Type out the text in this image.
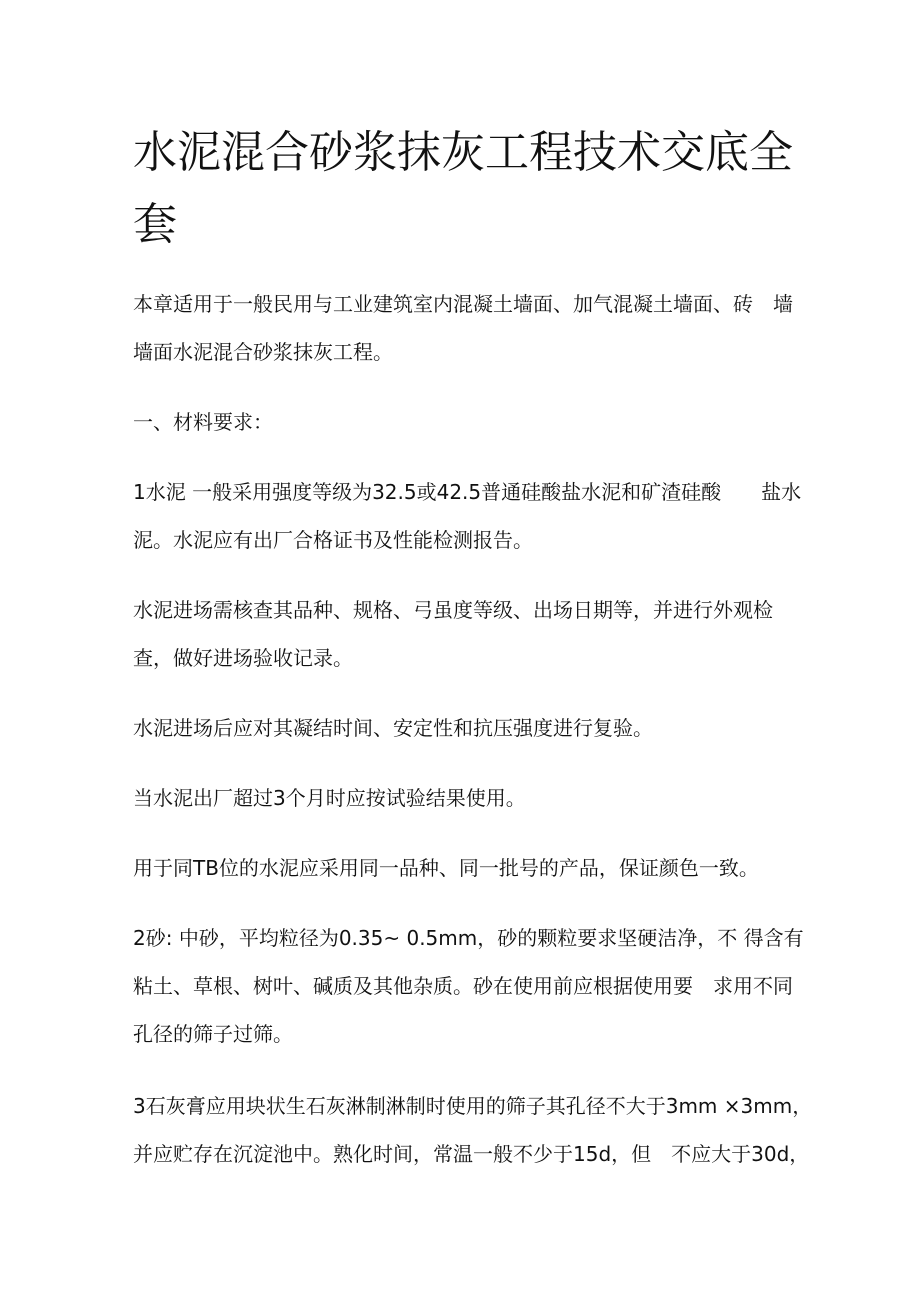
水泥混合砂浆抹灰工程技术交底全
套

本章适用于一般民用与工业建筑室内混凝土墙面、加气混凝土墙面、砖　墙
墙面水泥混合砂浆抹灰工程。

一、材料要求：

1水泥 一般采用强度等级为32.5或42.5普通硅酸盐水泥和矿渣硅酸　　盐水
泥。水泥应有出厂合格证书及性能检测报告。

水泥进场需核查其品种、规格、弓虽度等级、出场日期等，并进行外观检
查，做好进场验收记录。

水泥进场后应对其凝结时间、安定性和抗压强度进行复验。

当水泥出厂超过3个月时应按试验结果使用。

用于同TB位的水泥应采用同一品种、同一批号的产品，保证颜色一致。

2砂: 中砂，平均粒径为0.35~ 0.5mm，砂的颗粒要求坚硬洁净，不 得含有
粘土、草根、树叶、碱质及其他杂质。砂在使用前应根据使用要　求用不同
孔径的筛子过筛。

3石灰膏应用块状生石灰淋制淋制时使用的筛子其孔径不大于3mm ×3mm，
并应贮存在沉淀池中。熟化时间，常温一般不少于15d，但　不应大于30d，
